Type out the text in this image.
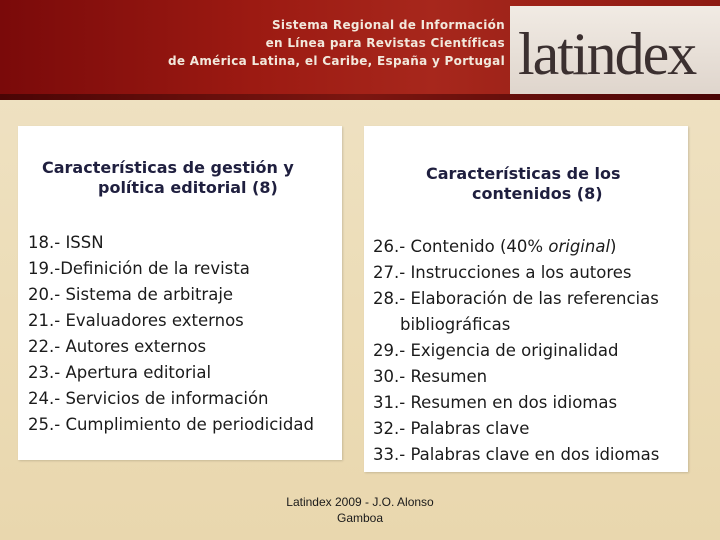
Sistema Regional de Información
en Línea para Revistas Científicas
de América Latina, el Caribe, España y Portugal latindex
Características de gestión y
política editorial (8)
18.- ISSN
19.-Definición de la revista
20.- Sistema de arbitraje
21.- Evaluadores externos
22.- Autores externos
23.- Apertura editorial
24.- Servicios de información
25.- Cumplimiento de periodicidad
Características de los
contenidos (8)
26.- Contenido (40% original)
27.- Instrucciones a los autores
28.- Elaboración de las referencias
bibliográficas
29.- Exigencia de originalidad
30.- Resumen
31.- Resumen en dos idiomas
32.- Palabras clave
33.- Palabras clave en dos idiomas
Latindex 2009 - J.O. Alonso
Gamboa
